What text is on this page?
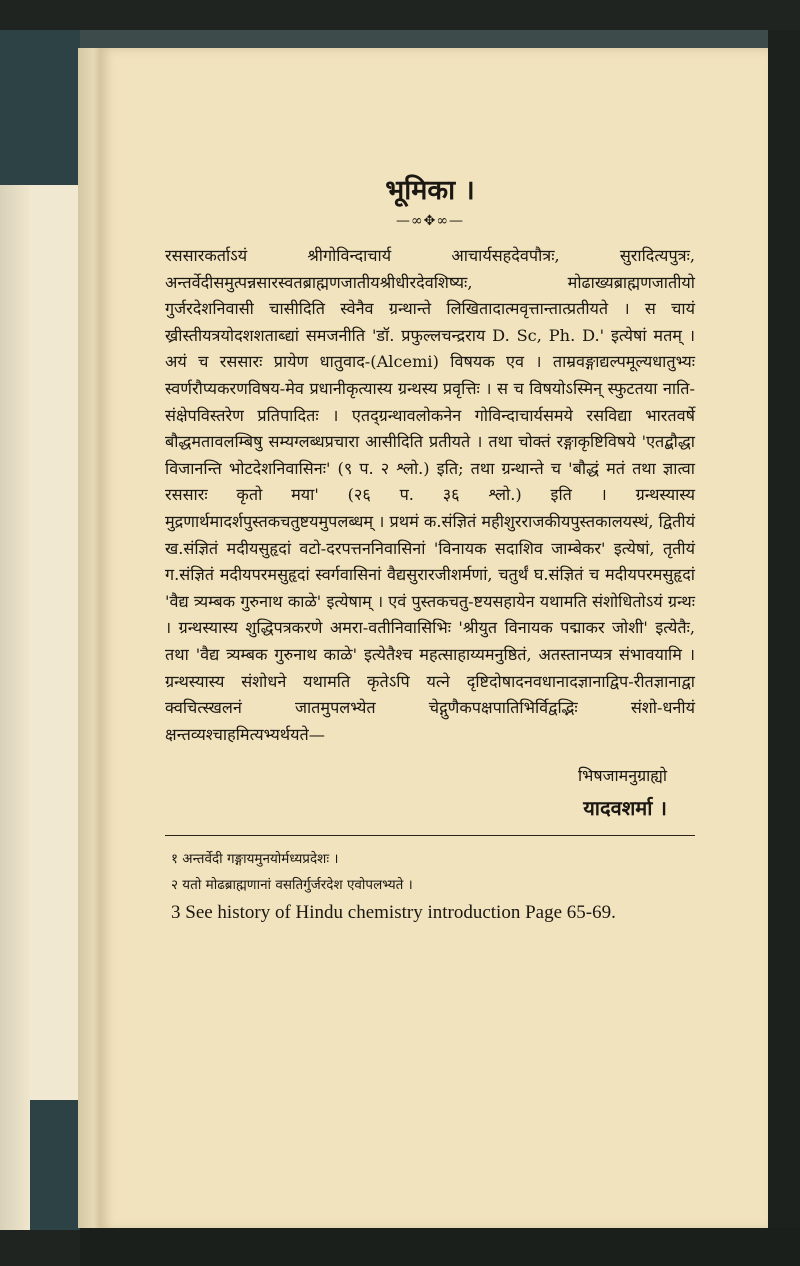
भूमिका ।
—∞✥∞—

रससारकर्ताऽयं श्रीगोविन्दाचार्य आचार्यसहदेवपौत्रः, सुरादित्यपुत्रः, अन्तर्वेदीसमुत्पन्नसारस्वतब्राह्मणजातीयश्रीधीरदेवशिष्यः, मोढाख्यब्राह्मणजातीयो गुर्जरदेशनिवासी चासीदिति स्वेनैव ग्रन्थान्ते लिखितादात्मवृत्तान्तात्प्रतीयते । स चायं ख्रीस्तीयत्रयोदशशताब्द्यां समजनीति 'डॉ. प्रफुल्लचन्द्रराय D. Sc, Ph. D.' इत्येषां मतम् । अयं च रससारः प्रायेण धातुवाद-(Alcemi) विषयक एव । ताम्रवङ्गाद्यल्पमूल्यधातुभ्यः स्वर्णरौप्यकरणविषय-मेव प्रधानीकृत्यास्य ग्रन्थस्य प्रवृत्तिः । स च विषयोऽस्मिन् स्फुटतया नाति-संक्षेपविस्तरेण प्रतिपादितः । एतद्ग्रन्थावलोकनेन गोविन्दाचार्यसमये रसविद्या भारतवर्षे बौद्धमतावलम्बिषु सम्यग्लब्धप्रचारा आसीदिति प्रतीयते । तथा चोक्तं रङ्गाकृष्टिविषये 'एतद्बौद्धा विजानन्ति भोटदेशनिवासिनः' (९ प. २ श्लो.) इति; तथा ग्रन्थान्ते च 'बौद्धं मतं तथा ज्ञात्वा रससारः कृतो मया' (२६ प. ३६ श्लो.) इति । ग्रन्थस्यास्य मुद्रणार्थमादर्शपुस्तकचतुष्टयमुपलब्धम् । प्रथमं क.संज्ञितं महीशुरराजकीयपुस्तकालयस्थं, द्वितीयं ख.संज्ञितं मदीयसुहृदां वटो-दरपत्तननिवासिनां 'विनायक सदाशिव जाम्बेकर' इत्येषां, तृतीयं ग.संज्ञितं मदीयपरमसुहृदां स्वर्गवासिनां वैद्यसुरारजीशर्मणां, चतुर्थं घ.संज्ञितं च मदीयपरमसुहृदां 'वैद्य त्र्यम्बक गुरुनाथ काळे' इत्येषाम् । एवं पुस्तकचतु-ष्टयसहायेन यथामति संशोधितोऽयं ग्रन्थः । ग्रन्थस्यास्य शुद्धिपत्रकरणे अमरा-वतीनिवासिभिः 'श्रीयुत विनायक पद्माकर जोशी' इत्येतैः, तथा 'वैद्य त्र्यम्बक गुरुनाथ काळे' इत्येतैश्च महत्साहाय्यमनुष्ठितं, अतस्तानप्यत्र संभावयामि । ग्रन्थस्यास्य संशोधने यथामति कृतेऽपि यत्ने दृष्टिदोषादनवधानादज्ञानाद्विप-रीतज्ञानाद्वा क्वचित्स्खलनं जातमुपलभ्येत चेद्गुणैकपक्षपातिभिर्विद्वद्भिः संशो-धनीयं क्षन्तव्यश्चाहमित्यभ्यर्थयते—

भिषजामनुग्राह्यो
यादवशर्मा ।
१ अन्तर्वेदी गङ्गायमुनयोर्मध्यप्रदेशः ।
२ यतो मोढब्राह्मणानां वसतिर्गुर्जरदेश एवोपलभ्यते ।
3 See history of Hindu chemistry introduction Page 65-69.
